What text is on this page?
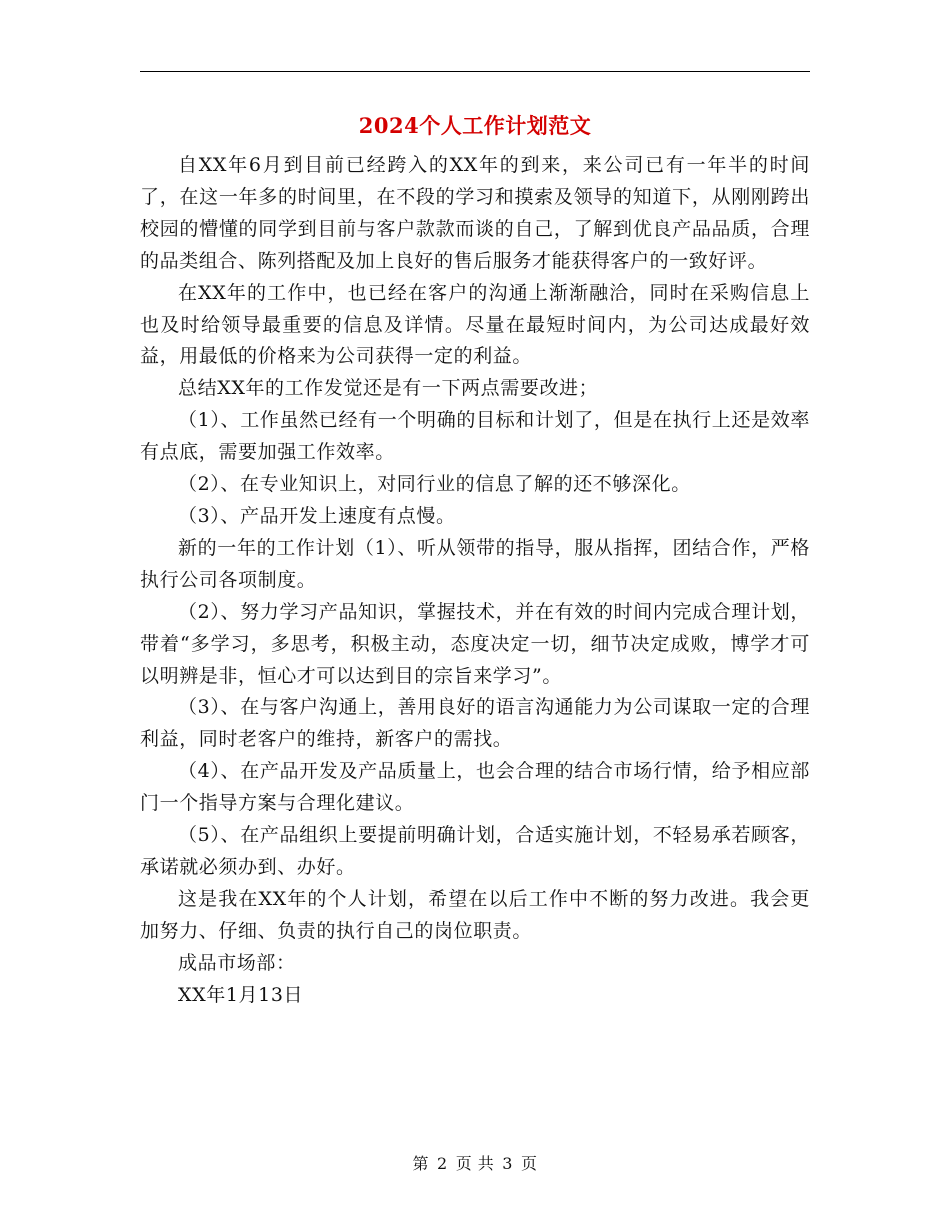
2024个人工作计划范文

自XX年6月到目前已经跨入的XX年的到来，来公司已有一年半的时间了，在这一年多的时间里，在不段的学习和摸索及领导的知道下，从刚刚跨出校园的懵懂的同学到目前与客户款款而谈的自己，了解到优良产品品质，合理的品类组合、陈列搭配及加上良好的售后服务才能获得客户的一致好评。

在XX年的工作中，也已经在客户的沟通上渐渐融洽，同时在采购信息上也及时给领导最重要的信息及详情。尽量在最短时间内，为公司达成最好效益，用最低的价格来为公司获得一定的利益。

总结XX年的工作发觉还是有一下两点需要改进；

（1）、工作虽然已经有一个明确的目标和计划了，但是在执行上还是效率有点底，需要加强工作效率。

（2）、在专业知识上，对同行业的信息了解的还不够深化。

（3）、产品开发上速度有点慢。

新的一年的工作计划（1）、听从领带的指导，服从指挥，团结合作，严格执行公司各项制度。

（2）、努力学习产品知识，掌握技术，并在有效的时间内完成合理计划，带着“多学习，多思考，积极主动，态度决定一切，细节决定成败，博学才可以明辨是非，恒心才可以达到目的宗旨来学习”。

（3）、在与客户沟通上，善用良好的语言沟通能力为公司谋取一定的合理利益，同时老客户的维持，新客户的需找。

（4）、在产品开发及产品质量上，也会合理的结合市场行情，给予相应部门一个指导方案与合理化建议。

（5）、在产品组织上要提前明确计划，合适实施计划，不轻易承若顾客，承诺就必须办到、办好。

这是我在XX年的个人计划，希望在以后工作中不断的努力改进。我会更加努力、仔细、负责的执行自己的岗位职责。

成品市场部：

XX年1月13日

第 2 页 共 3 页
